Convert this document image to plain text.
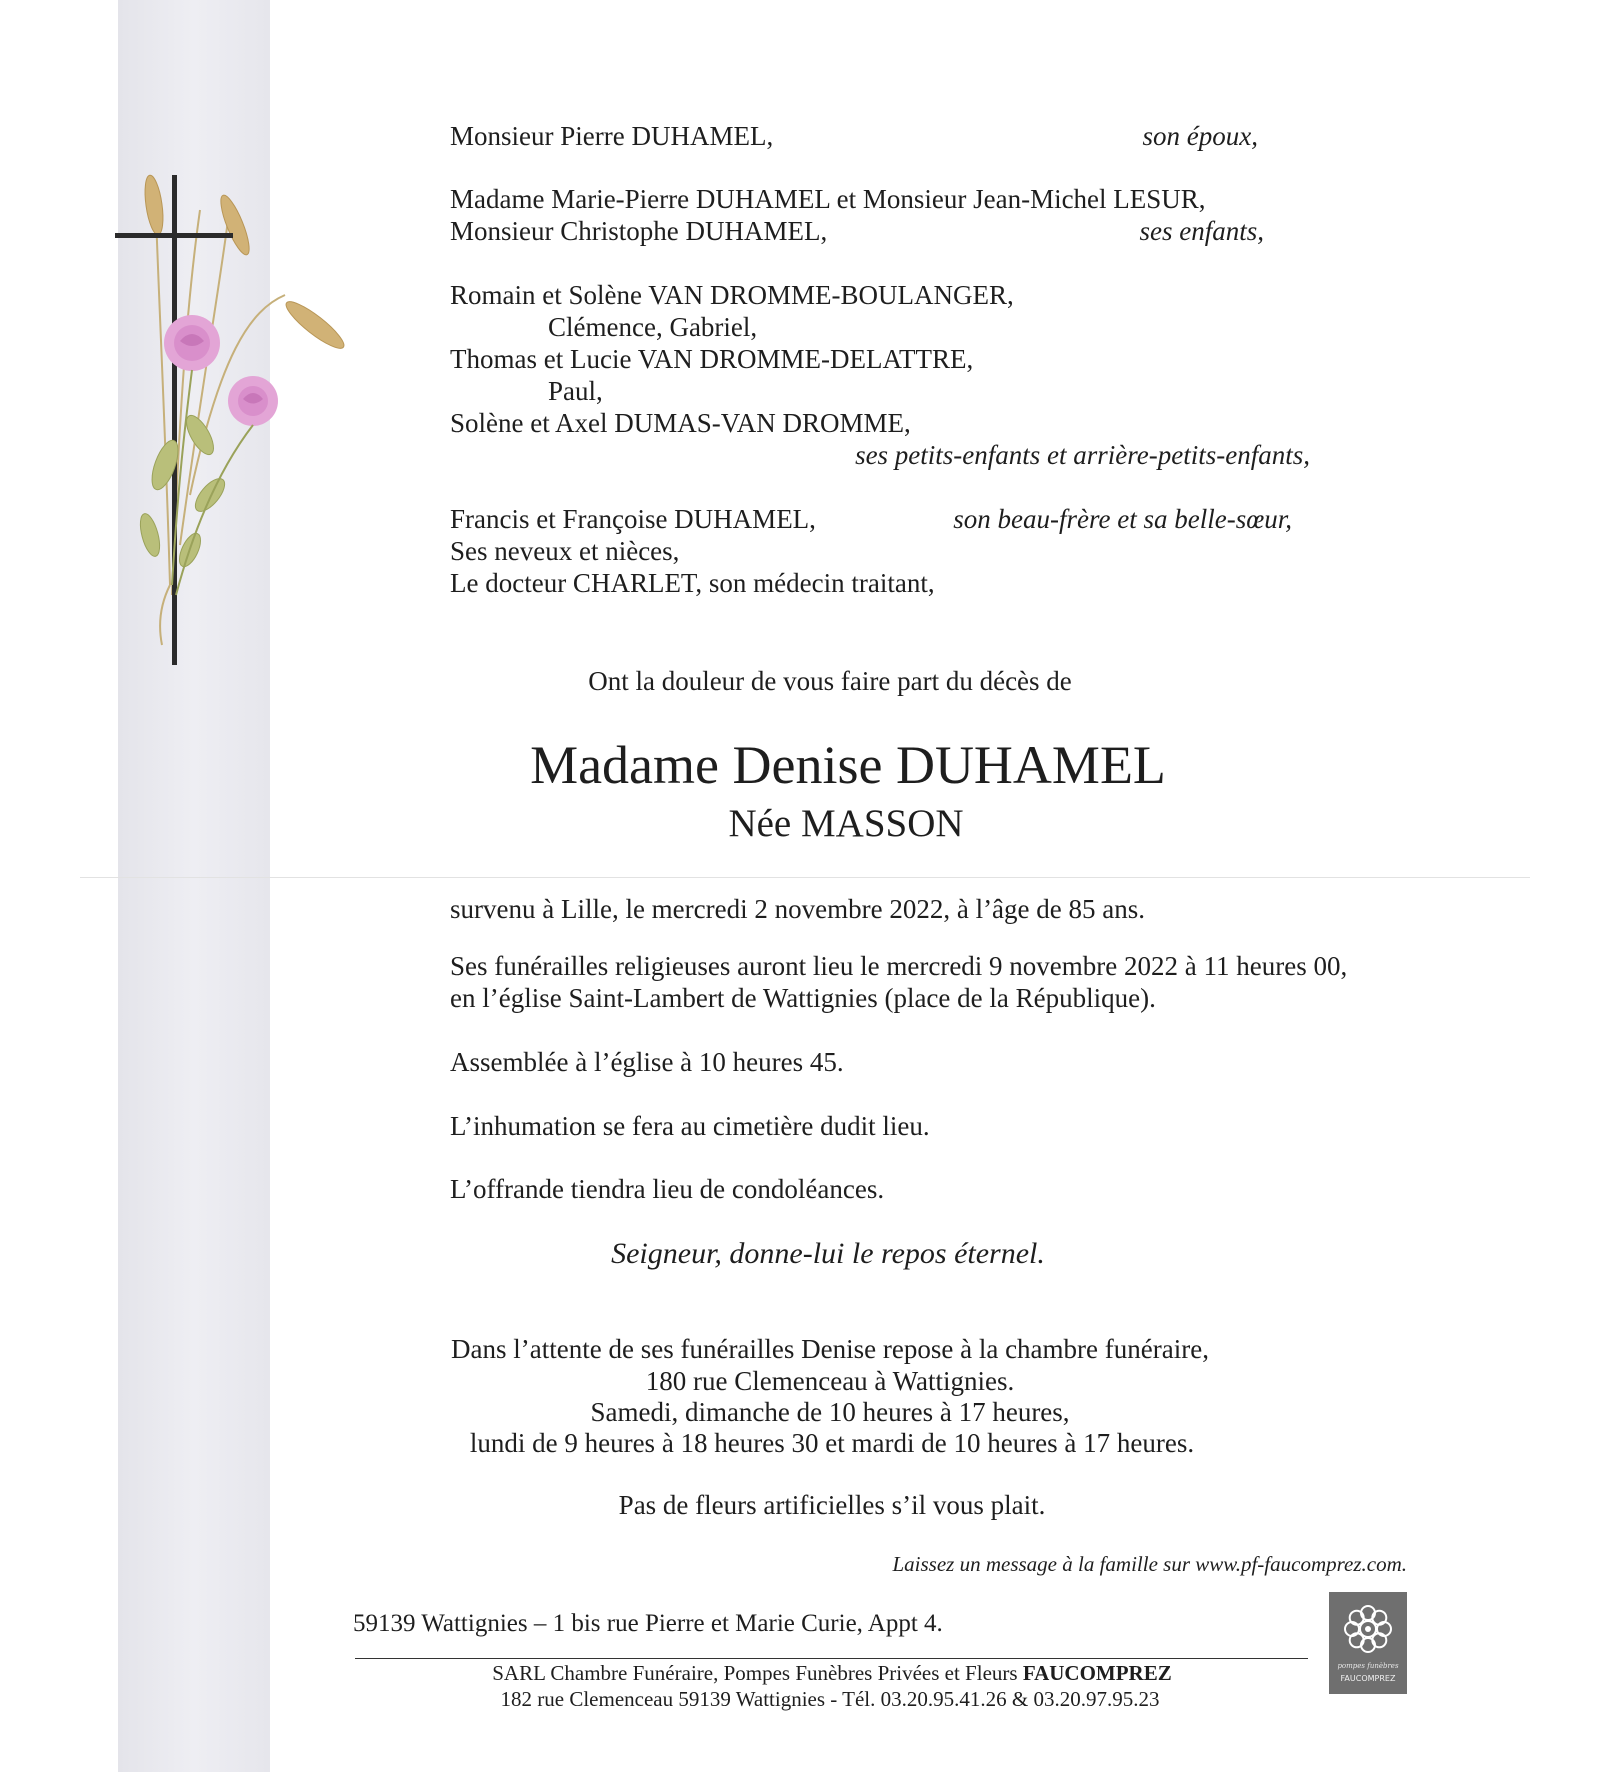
Monsieur Pierre DUHAMEL,	son époux,
Madame Marie-Pierre DUHAMEL et Monsieur Jean-Michel LESUR,
Monsieur Christophe DUHAMEL,	ses enfants,
Romain et Solène VAN DROMME-BOULANGER,
Clémence, Gabriel,
Thomas et Lucie VAN DROMME-DELATTRE,
Paul,
Solène et Axel DUMAS-VAN DROMME,
ses petits-enfants et arrière-petits-enfants,
Francis et Françoise DUHAMEL,	son beau-frère et sa belle-sœur,
Ses neveux et nièces,
Le docteur CHARLET, son médecin traitant,
Ont la douleur de vous faire part du décès de
Madame Denise DUHAMEL
Née MASSON
survenu à Lille, le mercredi 2 novembre 2022, à l’âge de 85 ans.
Ses funérailles religieuses auront lieu le mercredi 9 novembre 2022 à 11 heures 00,
en l’église Saint-Lambert de Wattignies (place de la République).
Assemblée à l’église à 10 heures 45.
L’inhumation se fera au cimetière dudit lieu.
L’offrande tiendra lieu de condoléances.
Seigneur, donne-lui le repos éternel.
Dans l’attente de ses funérailles Denise repose à la chambre funéraire,
180 rue Clemenceau à Wattignies.
Samedi, dimanche de 10 heures à 17 heures,
lundi de 9 heures à 18 heures 30 et mardi de 10 heures à 17 heures.
Pas de fleurs artificielles s’il vous plait.
Laissez un message à la famille sur www.pf-faucomprez.com.
59139 Wattignies – 1 bis rue Pierre et Marie Curie, Appt 4.
SARL Chambre Funéraire, Pompes Funèbres Privées et Fleurs FAUCOMPREZ
182 rue Clemenceau 59139 Wattignies - Tél. 03.20.95.41.26 & 03.20.97.95.23
pompes funèbres
FAUCOMPREZ
